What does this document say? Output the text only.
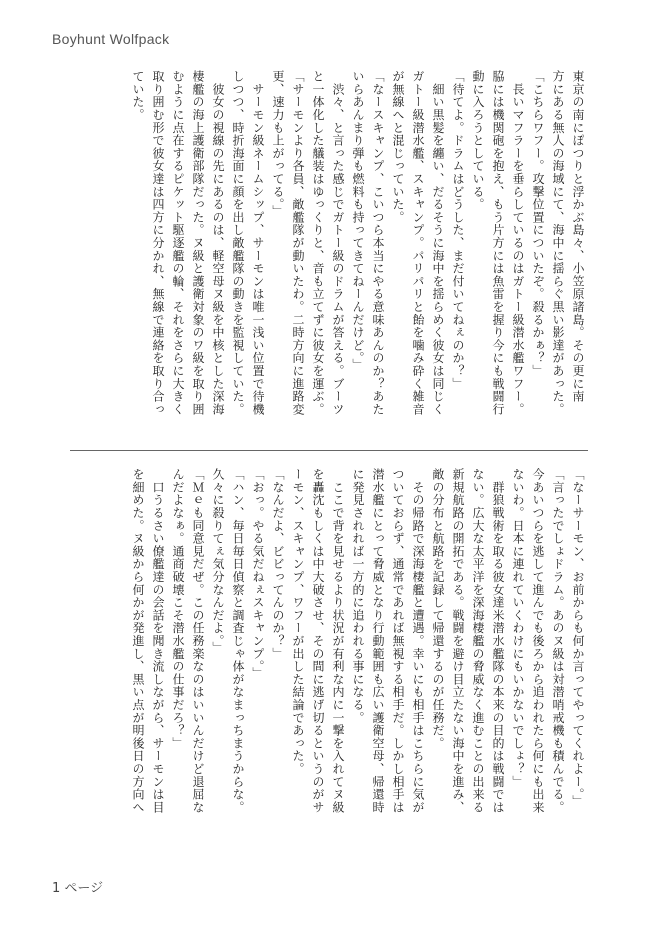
Boyhunt Wolfpack

東京の南にぽつりと浮かぶ島々、小笠原諸島。その更に南

方にある無人の海域にて、海中に揺らぐ黒い影達があった。

「こちらワフー。攻撃位置についたぞ。殺るかぁ？」

　長いマフラーを垂らしているのはガトー級潜水艦ワフー。

脇には機関砲を抱え、もう片方には魚雷を握り今にも戦闘行

動に入ろうとしている。

「待てよ。ドラムはどうした、まだ付いてねぇのか？」

　細い黒髪を纏い、だるそうに海中を揺らめく彼女は同じく

ガトー級潜水艦、スキャンプ。パリパリと飴を噛み砕く雑音

が無線へと混じっていた。

「なースキャンプ、こいつら本当にやる意味あんのか？あた

いらあんまり弾も燃料も持ってきてねーんだけど。」

　渋々、と言った感じでガトー級のドラムが答える。ブーツ

と一体化した艤装はゆっくりと、音も立てずに彼女を運ぶ。

「サーモンより各員、敵艦隊が動いたわ。二時方向に進路変

更、速力も上がってる。」

　サーモン級ネームシップ、サーモンは唯一浅い位置で待機

しつつ、時折海面に顔を出し敵艦隊の動きを監視していた。

　彼女の視線の先にあるのは、軽空母ヌ級を中核とした深海

棲艦の海上護衛部隊だった。ヌ級と護衛対象のワ級を取り囲

むように点在するピケット駆逐艦の輪、それをさらに大きく

取り囲む形で彼女達は四方に分かれ、無線で連絡を取り合っ

ていた。

「なーサーモン、お前からも何か言ってやってくれよー。」

「言ったでしょドラム。あのヌ級は対潜哨戒機も積んでる。

今あいつらを逃して進んでも後ろから追われたら何にも出来

ないわ。日本に連れていくわけにもいかないでしょ？」

　群狼戦術を取る彼女達米潜水艦隊の本来の目的は戦闘では

ない。広大な太平洋を深海棲艦の脅威なく進むことの出来る

新規航路の開拓である。戦闘を避け目立たない海中を進み、

敵の分布と航路を記録して帰還するのが任務だ。

　その帰路で深海棲艦と遭遇。幸いにも相手はこちらに気が

ついておらず、通常であれば無視する相手だ。しかし相手は

潜水艦にとって脅威となり行動範囲も広い護衛空母、帰還時

に発見されれば一方的に追われる事になる。

　ここで背を見せるより状況が有利な内に一撃を入れてヌ級

を轟沈もしくは中大破させ、その間に逃げ切るというのがサ

ーモン、スキャンプ、ワフーが出した結論であった。

「なんだよ、ビビってんのか？」

「おっ。やる気だねぇスキャンプ。」

「ハン、毎日毎日偵察と調査じゃ体がなまっちまうからな。

久々に殺りてぇ気分なんだよ。」

「Ｍｅも同意見だぜ。この任務楽なのはいいんだけど退屈な

んだよなぁ。通商破壊こそ潜水艦の仕事だろ？」

　口うるさい僚艦達の会話を聞き流しながら、サーモンは目

を細めた。ヌ級から何かが発進し、黒い点が明後日の方向へ

1 ページ
